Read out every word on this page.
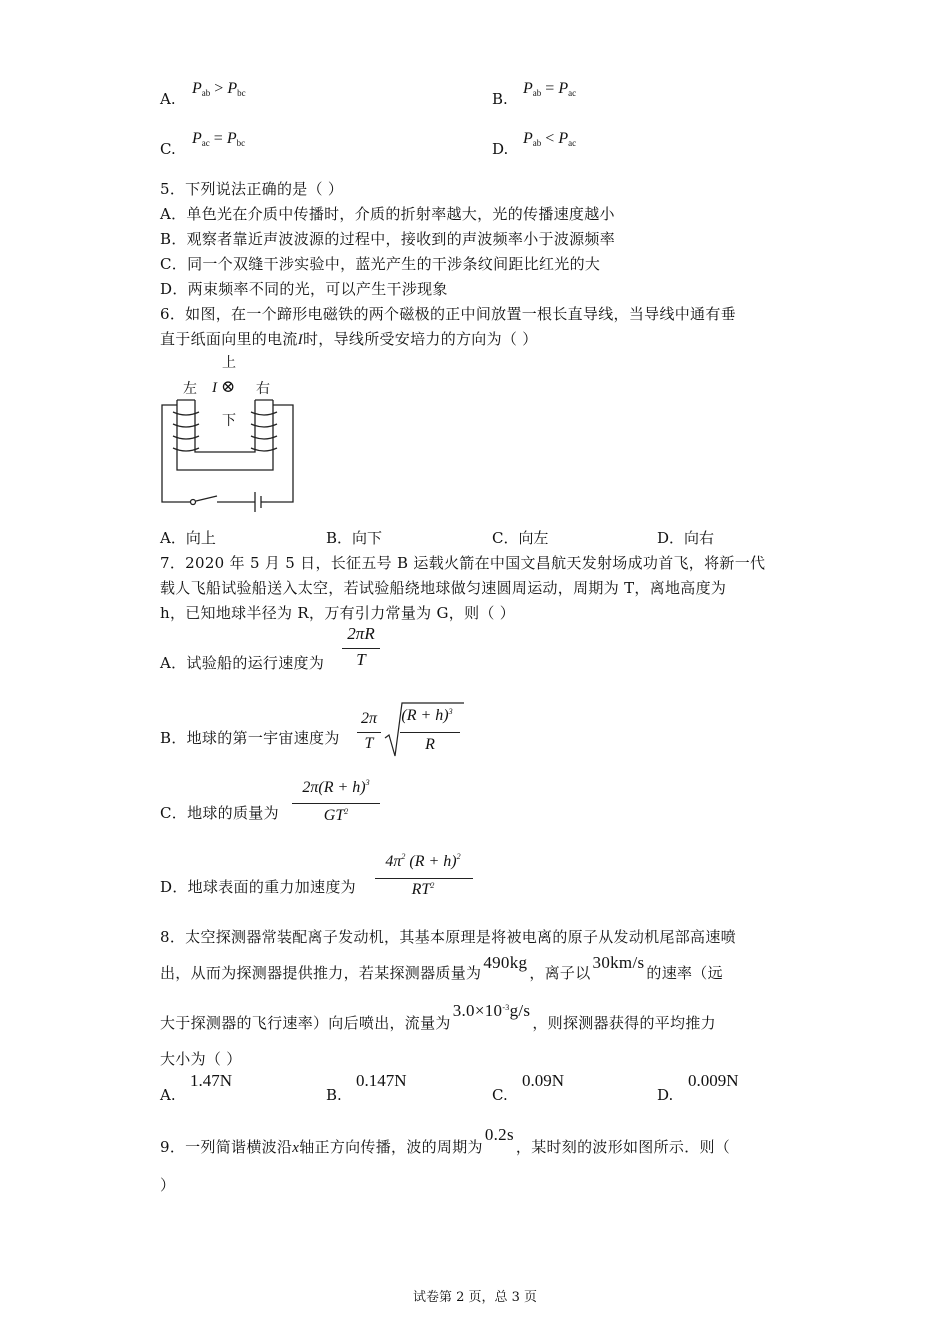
A.
$P_{ab} > P_{bc}$	B.
$P_{ab} = P_{ac}$
C.
$P_{ac} = P_{bc}$	D.
$P_{ab} < P_{ac}$
5．下列说法正确的是（ ）
A．单色光在介质中传播时，介质的折射率越大，光的传播速度越小
B．观察者靠近声波波源的过程中，接收到的声波频率小于波源频率
C．同一个双缝干涉实验中，蓝光产生的干涉条纹间距比红光的大
D．两束频率不同的光，可以产生干涉现象
6．如图，在一个蹄形电磁铁的两个磁极的正中间放置一根长直导线，当导线中通有垂
直于纸面向里的电流I时，导线所受安培力的方向为（ ）
上
左	右
I ⊗
下
A．向上	B．向下	C．向左	D．向右
7．2020 年 5 月 5 日，长征五号 B 运载火箭在中国文昌航天发射场成功首飞，将新一代
载人飞船试验船送入太空，若试验船绕地球做匀速圆周运动，周期为 T，离地高度为
h，已知地球半径为 R，万有引力常量为 G，则（ ）
A．试验船的运行速度为
2πR
T
B．地球的第一宇宙速度为
2π
T
$(R + h)^3$
R
C．地球的质量为
$2\pi(R + h)^3$
$GT^2$
D．地球表面的重力加速度为
$4\pi^2$ $(R + h)^2$
$RT^2$
8．太空探测器常装配离子发动机，其基本原理是将被电离的原子从发动机尾部高速喷
出，从而为探测器提供推力，若某探测器质量为490kg，离子以30km/s的速率（远
大于探测器的飞行速率）向后喷出，流量为$3.0\times 10^{-3}g/s$，则探测器获得的平均推力
大小为（ ）
A.
1.47N
B.
0.147N
C.
0.09N
D.
0.009N
9．一列简谐横波沿x轴正方向传播，波的周期为0.2s，某时刻的波形如图所示．则（
）
试卷第 2 页，总 3 页
